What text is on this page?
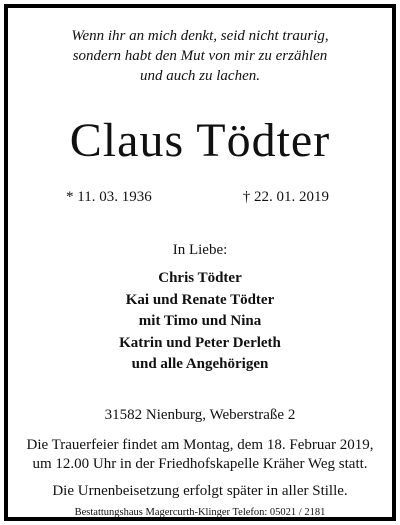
Wenn ihr an mich denkt, seid nicht traurig,
sondern habt den Mut von mir zu erzählen
und auch zu lachen.
Claus Tödter
* 11. 03. 1936	† 22. 01. 2019
In Liebe:
Chris Tödter
Kai und Renate Tödter
mit Timo und Nina
Katrin und Peter Derleth
und alle Angehörigen
31582 Nienburg, Weberstraße 2
Die Trauerfeier findet am Montag, dem 18. Februar 2019,
um 12.00 Uhr in der Friedhofskapelle Kräher Weg statt.
Die Urnenbeisetzung erfolgt später in aller Stille.
Bestattungshaus Magercurth-Klinger Telefon: 05021 / 2181
